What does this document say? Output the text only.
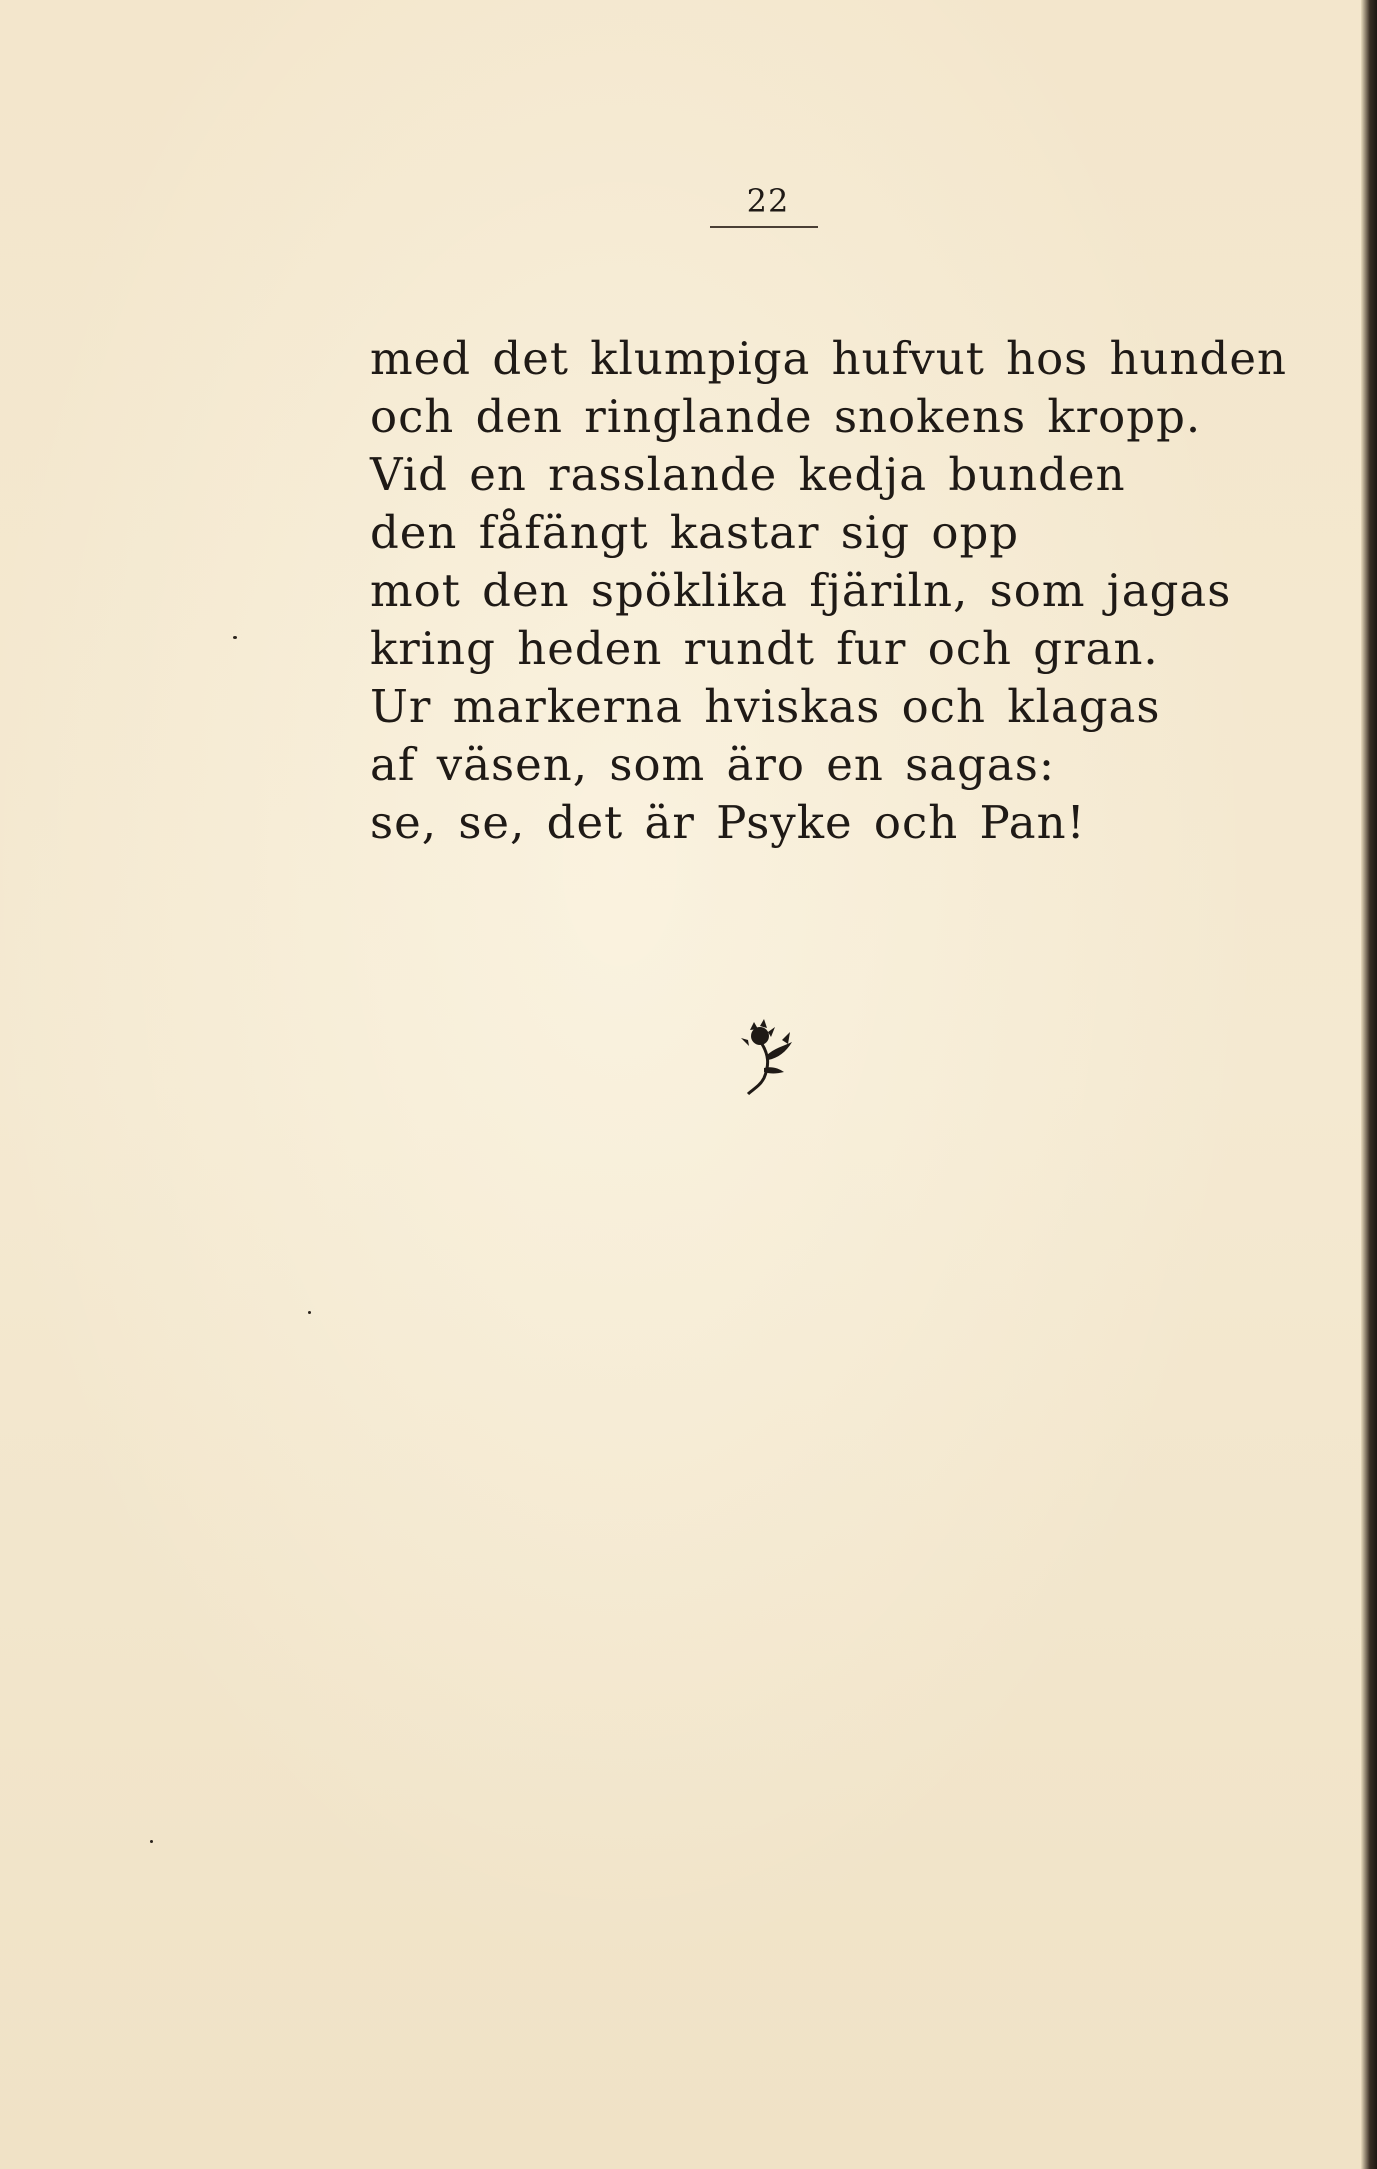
22
med det klumpiga hufvut hos hunden
och den ringlande snokens kropp.
Vid en rasslande kedja bunden
den fåfängt kastar sig opp
mot den spöklika fjäriln, som jagas
kring heden rundt fur och gran.
Ur markerna hviskas och klagas
af väsen, som äro en sagas:
se, se, det är Psyke och Pan!
